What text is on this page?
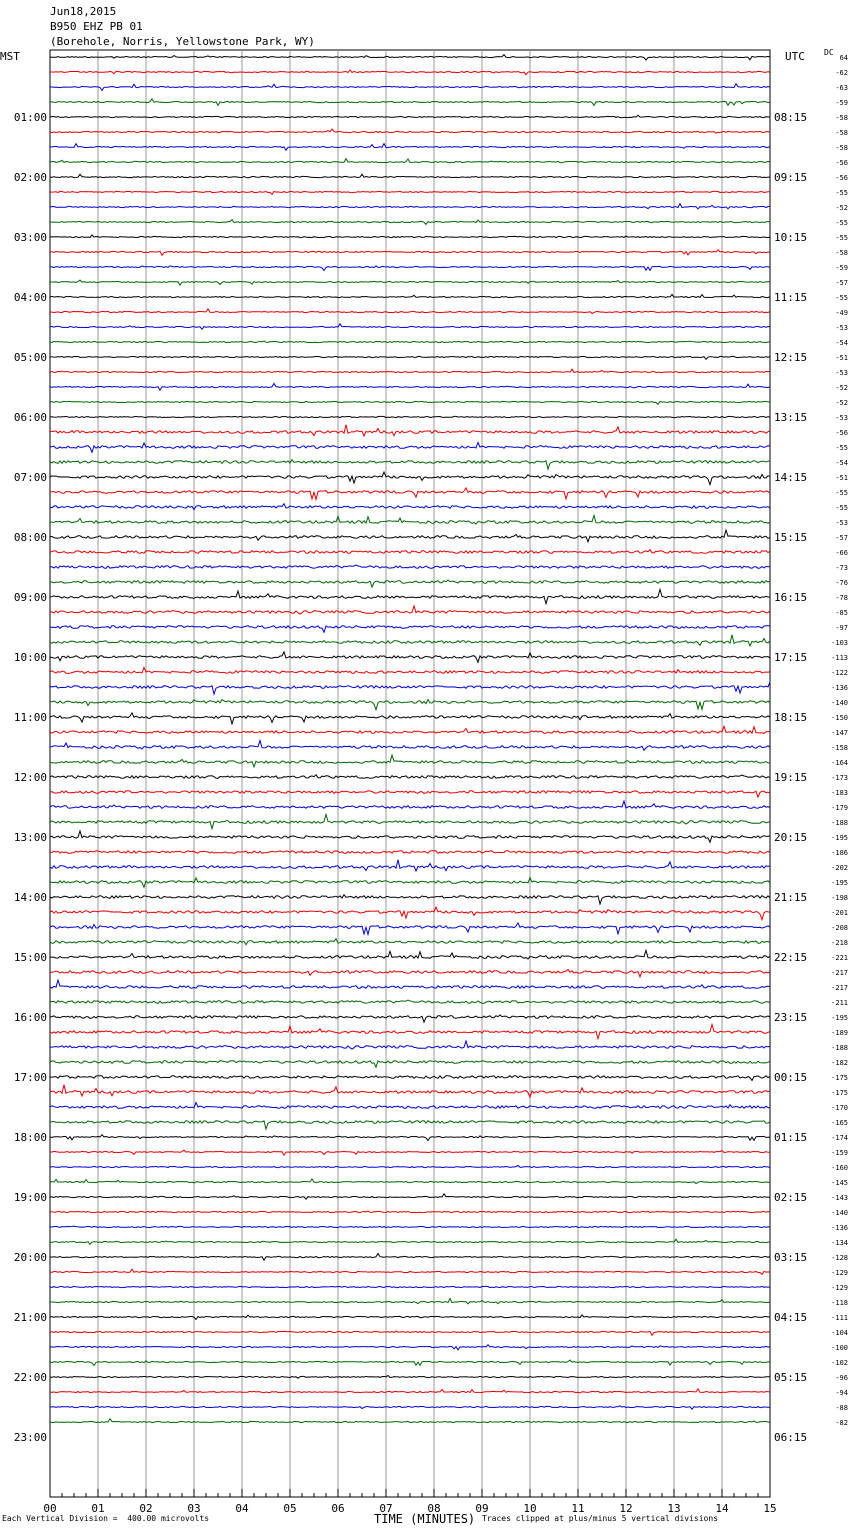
Jun18,2015
B950 EHZ PB 01
(Borehole, Norris, Yellowstone Park, WY)
MST	UTC DC
00	01	02	03	04	05	06	07	08	09	10	11	12	13	14	15
64
-62
-63
-59
-58
-58
-58
-56
-56
-55
-52
-55
-55
-58
-59
-57
-55
-49
-53
-54
-51
-53
-52
-52
-53
-56
-55
-54
-51
-55
-55
-53
-57
-66
-73
-76
-78
-85
-97
-103
-113
-122
-136
-140
-150
-147
-158
-164
-173
-183
-179
-188
-195
-186
-202
-195
-198
-201
-208
-218
-221
-217
-217
-211
-195
-189
-188
-182
-175
-175
-170
-165
-174
-159
-160
-145
-143
-140
-136
-134
-128
-129
-129
-118
-111
-104
-100
-102
-96
-94
-88
-82
01:00
02:00
03:00
04:00
05:00
06:00
07:00
08:00
09:00
10:00
11:00
12:00
13:00
14:00
15:00
16:00
17:00
18:00
19:00
20:00
21:00
22:00
23:00
08:15
09:15
10:15
11:15
12:15
13:15
14:15
15:15
16:15
17:15
18:15
19:15
20:15
21:15
22:15
23:15
00:15
01:15
02:15
03:15
04:15
05:15
06:15
Each Vertical Division =  400.00 microvolts	TIME (MINUTES) Traces clipped at plus/minus 5 vertical divisions
